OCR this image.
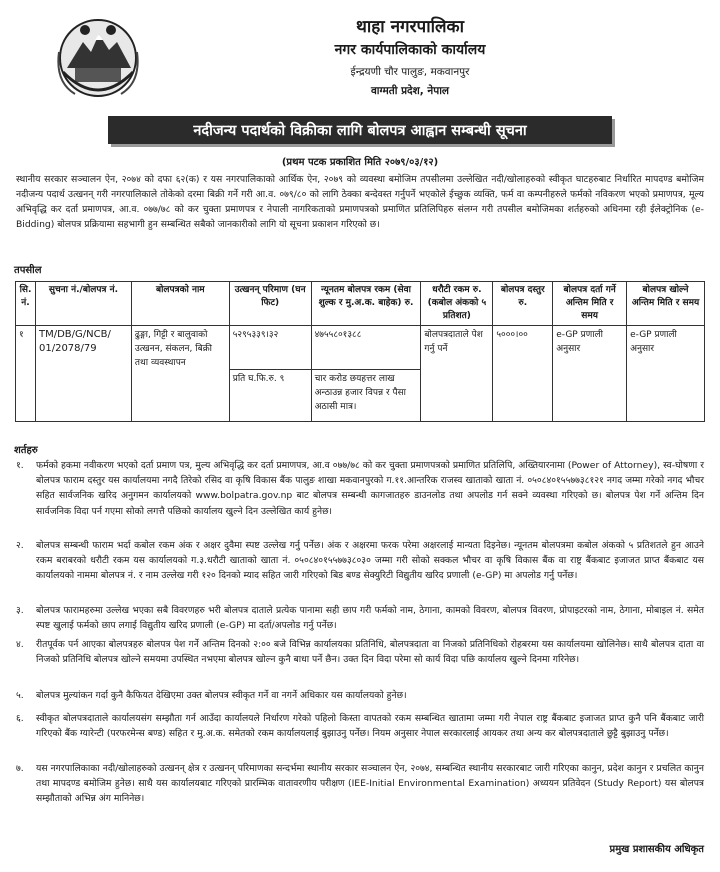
थाहा नगरपालिका
नगर कार्यपालिकाको कार्यालय
ईन्द्रयणी चौर पालुङ, मकवानपुर
वाग्मती प्रदेश, नेपाल
नदीजन्य पदार्थको विक्रीका लागि बोलपत्र आह्वान सम्बन्धी सूचना
(प्रथम पटक प्रकाशित मिति २०७९/०३/१२)
स्थानीय सरकार सञ्चालन ऐन, २०७४ को दफा ६२(क) र यस नगरपालिकाको आर्थिक ऐन, २०७९ को व्यवस्था बमोजिम तपसीलमा उल्लेखित नदी/खोलाहरुको स्वीकृत घाटहरुबाट निर्धारित मापदण्ड बमोजिम नदीजन्य पदार्थ उत्खनन् गरी नगरपालिकाले तोकेको दरमा बिक्री गर्ने गरी आ.व. ०७९/८० को लागि ठेक्का बन्देवस्त गर्नुपर्ने भएकोले ईच्छुक व्यक्ति, फर्म वा कम्पनीहरुले फर्मको नविकरण भएको प्रमाणपत्र, मूल्य अभिवृद्धि कर दर्ता प्रमाणपत्र, आ.व. ०७७/७८ को कर चुक्ता प्रमाणपत्र र नेपाली नागरिकताको प्रमाणपत्रको प्रमाणित प्रतिलिपिहरु संलग्न गरी तपसील बमोजिमका शर्तहरुको अधिनमा रही ईलेक्ट्रोनिक (e-Bidding) बोलपत्र प्रक्रियामा सहभागी हुन सम्बन्धित सबैको जानकारीको लागि यो सूचना प्रकाशन गरिएको छ।
तपसील
सि. नं.	सुचना नं./बोलपत्र नं.	बोलपत्रको नाम	उत्खनन् परिमाण (घन फिट)	न्यूनतम बोलपत्र रकम (सेवा शुल्क र मु.अ.क. बाहेक) रु.	धरौटी रकम रु. (कबोल अंकको ५ प्रतिशत)	बोलपत्र दस्तुर रु.	बोलपत्र दर्ता गर्ने अन्तिम मिति र समय	बोलपत्र खोल्ने अन्तिम मिति र समय
१	TM/DB/G/NCB/ 01/2078/79	ढुङ्गा, गिट्टी र बालुवाको उत्खनन, संकलन, बिक्री तथा व्यवस्थापन	५२९५३३९।३२	४७५५८०१३८८	बोलपत्रदाताले पेश गर्नु पर्ने	५०००।००	e-GP प्रणाली अनुसार	e-GP प्रणाली अनुसार
			प्रति घ.फि.रु. ९	चार करोड छयहत्तर लाख अन्ठाउन्न हजार विपन्न र पैसा अठासी मात्र।				
शर्तहरु
१.	फर्मको हकमा नवीकरण भएको दर्ता प्रमाण पत्र, मुल्य अभिवृद्धि कर दर्ता प्रमाणपत्र, आ.व ०७७/७८ को कर चुक्ता प्रमाणपत्रको प्रमाणित प्रतिलिपि, अख्तियारनामा (Power of Attorney), स्व-घोषणा र बोलपत्र फाराम दस्तुर यस कार्यालयमा नगदै तिरेको रसिद वा कृषि विकास बैंक पालुङ शाखा मकवानपुरको ग.११.आन्तरिक राजस्व खाताको खाता नं. ०५०८४०१५५७७३८१२१ नगद जम्मा गरेको नगद भौचर सहित सार्वजनिक खरिद अनुगमन कार्यालयको www.bolpatra.gov.np बाट बोलपत्र सम्बन्धी कागजातहरु डाउनलोड तथा अपलोड गर्न सक्ने व्यवस्था गरिएको छ। बोलपत्र पेश गर्ने अन्तिम दिन सार्वजनिक विदा पर्न गएमा सोको लगत्तै पछिको कार्यालय खुल्ने दिन उल्लेखित कार्य हुनेछ।
२.	बोलपत्र सम्बन्धी फाराम भर्दा कबोल रकम अंक र अक्षर दुवैमा स्पष्ट उल्लेख गर्नु पर्नेछ। अंक र अक्षरमा फरक परेमा अक्षरलाई मान्यता दिइनेछ। न्यूनतम बोलपत्रमा कबोल अंकको ५ प्रतिशतले हुन आउने रकम बराबरको धरौटी रकम यस कार्यालयको ग.३.धरौटी खाताको खाता नं. ०५०८४०१५५७७३८०३० जम्मा गरी सोको सक्कल भौचर वा कृषि विकास बैंक वा राष्ट्र बैंकबाट इजाजत प्राप्त बैंकबाट यस कार्यालयको नाममा बोलपत्र नं. र नाम उल्लेख गरी १२० दिनको म्याद सहित जारी गरिएको बिड बण्ड सेक्युरिटी विद्युतीय खरिद प्रणाली (e-GP) मा अपलोड गर्नु पर्नेछ।
३.	बोलपत्र फारामहरुमा उल्लेख भएका सबै विवरणहरु भरी बोलपत्र दाताले प्रत्येक पानामा सही छाप गरी फर्मको नाम, ठेगाना, कामको विवरण, बोलपत्र विवरण, प्रोपाइटरको नाम, ठेगाना, मोबाइल नं. समेत स्पष्ट खुलाई फर्मको छाप लगाई विद्युतीय खरिद प्रणाली (e-GP) मा दर्ता/अपलोड गर्नु पर्नेछ।
४.	रीतपूर्वक पर्न आएका बोलपत्रहरु बोलपत्र पेश गर्ने अन्तिम दिनको २:०० बजे विभिन्न कार्यालयका प्रतिनिधि, बोलपत्रदाता वा निजको प्रतिनिधिको रोहबरमा यस कार्यालयमा खोलिनेछ। साथै बोलपत्र दाता वा निजको प्रतिनिधि बोलपत्र खोल्ने समयमा उपस्थित नभएमा बोलपत्र खोल्न कुनै बाधा पर्ने छैन। उक्त दिन विदा परेमा सो कार्य विदा पछि कार्यालय खुल्ने दिनमा गरिनेछ।
५.	बोलपत्र मुल्यांकन गर्दा कुनै कैफियत देखिएमा उक्त बोलपत्र स्वीकृत गर्ने वा नगर्ने अधिकार यस कार्यालयको हुनेछ।
६.	स्वीकृत बोलपत्रदाताले कार्यालयसंग सम्झौता गर्न आउँदा कार्यालयले निर्धारण गरेको पहिलो किस्ता वापतको रकम सम्बन्धित खातामा जम्मा गरी नेपाल राष्ट्र बैंकबाट इजाजत प्राप्त कुनै पनि बैंकबाट जारी गरिएको बैंक ग्यारेन्टी (परफरमेन्स बण्ड) सहित र मु.अ.क. समेतको रकम कार्यालयलाई बुझाउनु पर्नेछ। नियम अनुसार नेपाल सरकारलाई आयकर तथा अन्य कर बोलपत्रदाताले छुट्टै बुझाउनु पर्नेछ।
७.	यस नगरपालिकाका नदी/खोलाहरुको उत्खनन् क्षेत्र र उत्खनन् परिमाणका सन्दर्भमा स्थानीय सरकार सञ्चालन ऐन, २०७४, सम्बन्धित स्थानीय सरकारबाट जारी गरिएका कानुन, प्रदेश कानुन र प्रचलित कानुन तथा मापदण्ड बमोजिम हुनेछ। साथै यस कार्यालयबाट गरिएको प्रारम्भिक वातावरणीय परीक्षण (IEE-Initial Environmental Examination) अध्ययन प्रतिवेदन (Study Report) यस बोलपत्र सम्झौताको अभिन्न अंग मानिनेछ।
प्रमुख प्रशासकीय अधिकृत
